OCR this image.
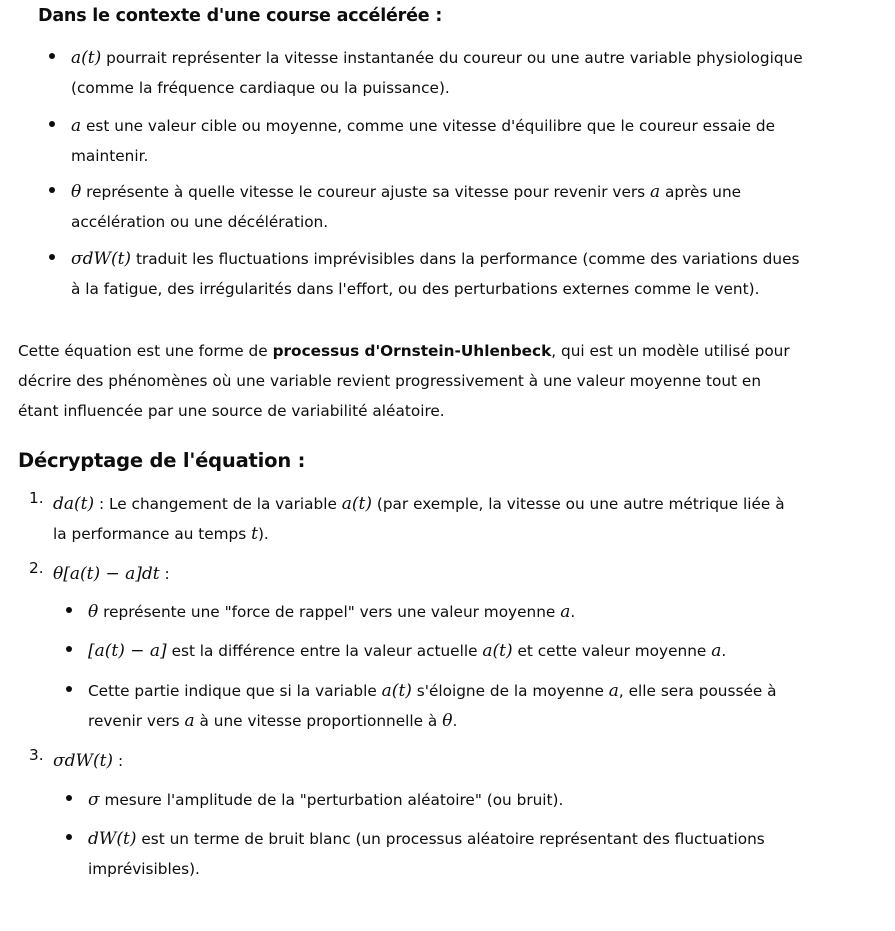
Dans le contexte d'une course accélérée :
a(t) pourrait représenter la vitesse instantanée du coureur ou une autre variable physiologique
(comme la fréquence cardiaque ou la puissance).
a est une valeur cible ou moyenne, comme une vitesse d'équilibre que le coureur essaie de
maintenir.
θ représente à quelle vitesse le coureur ajuste sa vitesse pour revenir vers a après une
accélération ou une décélération.
σdW(t) traduit les fluctuations imprévisibles dans la performance (comme des variations dues
à la fatigue, des irrégularités dans l'effort, ou des perturbations externes comme le vent).
Cette équation est une forme de processus d'Ornstein-Uhlenbeck, qui est un modèle utilisé pour
décrire des phénomènes où une variable revient progressivement à une valeur moyenne tout en
étant influencée par une source de variabilité aléatoire.
Décryptage de l'équation :
1. da(t) : Le changement de la variable a(t) (par exemple, la vitesse ou une autre métrique liée à
la performance au temps t).
2. θ[a(t) − a]dt :
θ représente une "force de rappel" vers une valeur moyenne a.
[a(t) − a] est la différence entre la valeur actuelle a(t) et cette valeur moyenne a.
Cette partie indique que si la variable a(t) s'éloigne de la moyenne a, elle sera poussée à
revenir vers a à une vitesse proportionnelle à θ.
3. σdW(t) :
σ mesure l'amplitude de la "perturbation aléatoire" (ou bruit).
dW(t) est un terme de bruit blanc (un processus aléatoire représentant des fluctuations
imprévisibles).
